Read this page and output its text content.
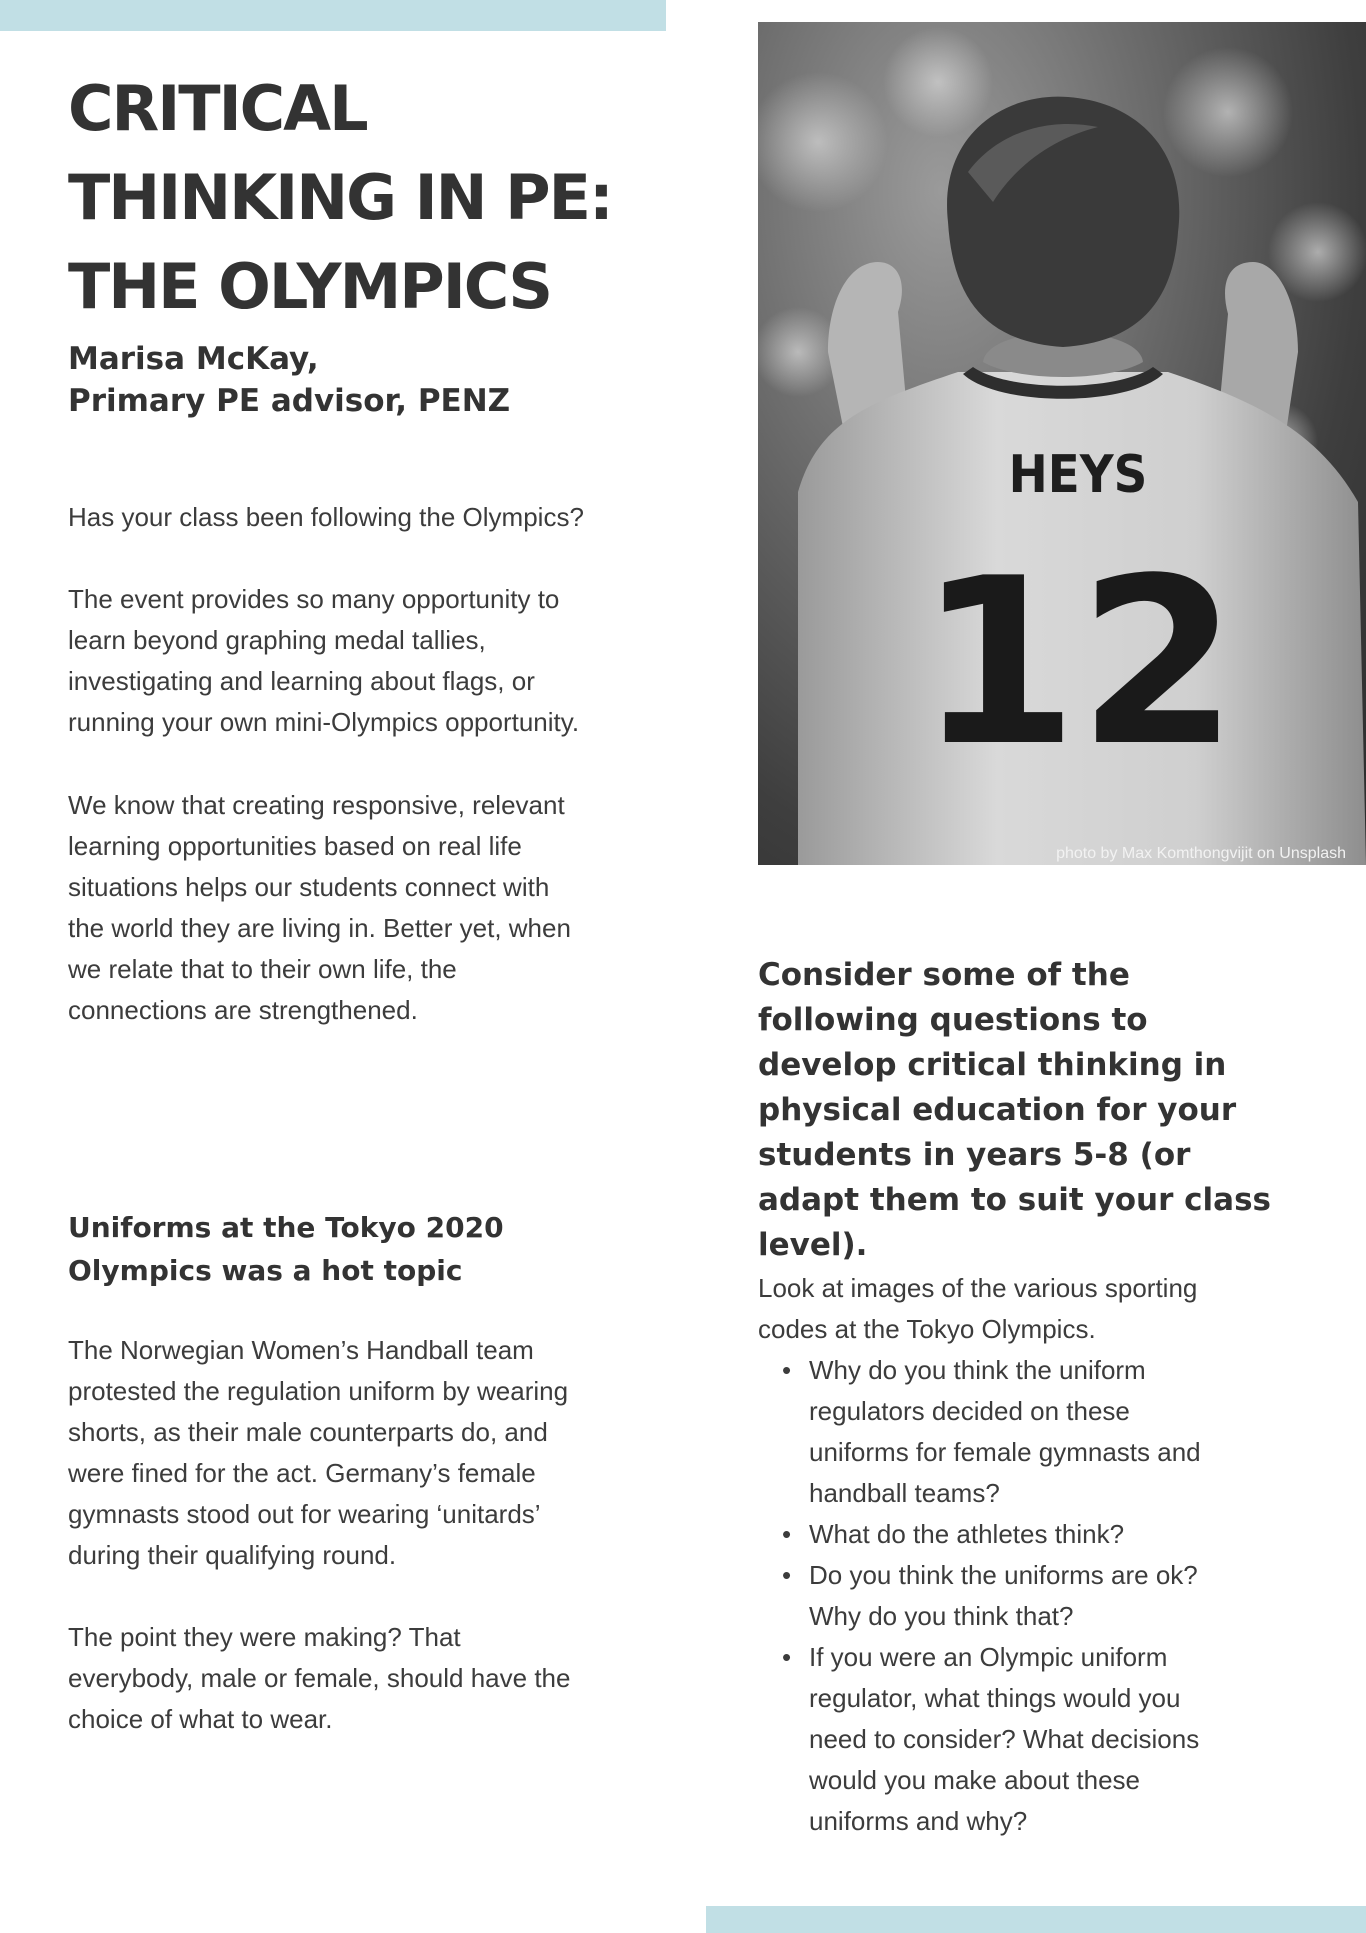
CRITICAL
THINKING IN PE:
THE OLYMPICS
Marisa McKay,
Primary PE advisor, PENZ

Has your class been following the Olympics?

The event provides so many opportunity to
learn beyond graphing medal tallies,
investigating and learning about flags, or
running your own mini-Olympics opportunity.

We know that creating responsive, relevant
learning opportunities based on real life
situations helps our students connect with
the world they are living in. Better yet, when
we relate that to their own life, the
connections are strengthened.

Uniforms at the Tokyo 2020
Olympics was a hot topic

The Norwegian Women’s Handball team
protested the regulation uniform by wearing
shorts, as their male counterparts do, and
were fined for the act. Germany’s female
gymnasts stood out for wearing ‘unitards’
during their qualifying round.

The point they were making? That
everybody, male or female, should have the
choice of what to wear.

HEYS
12
photo by Max Komthongvijit on Unsplash
Consider some of the
following questions to
develop critical thinking in
physical education for your
students in years 5-8 (or
adapt them to suit your class
level).

Look at images of the various sporting
codes at the Tokyo Olympics.

• Why do you think the uniform
regulators decided on these
uniforms for female gymnasts and
handball teams?
• What do the athletes think?
• Do you think the uniforms are ok?
Why do you think that?
• If you were an Olympic uniform
regulator, what things would you
need to consider? What decisions
would you make about these
uniforms and why?
